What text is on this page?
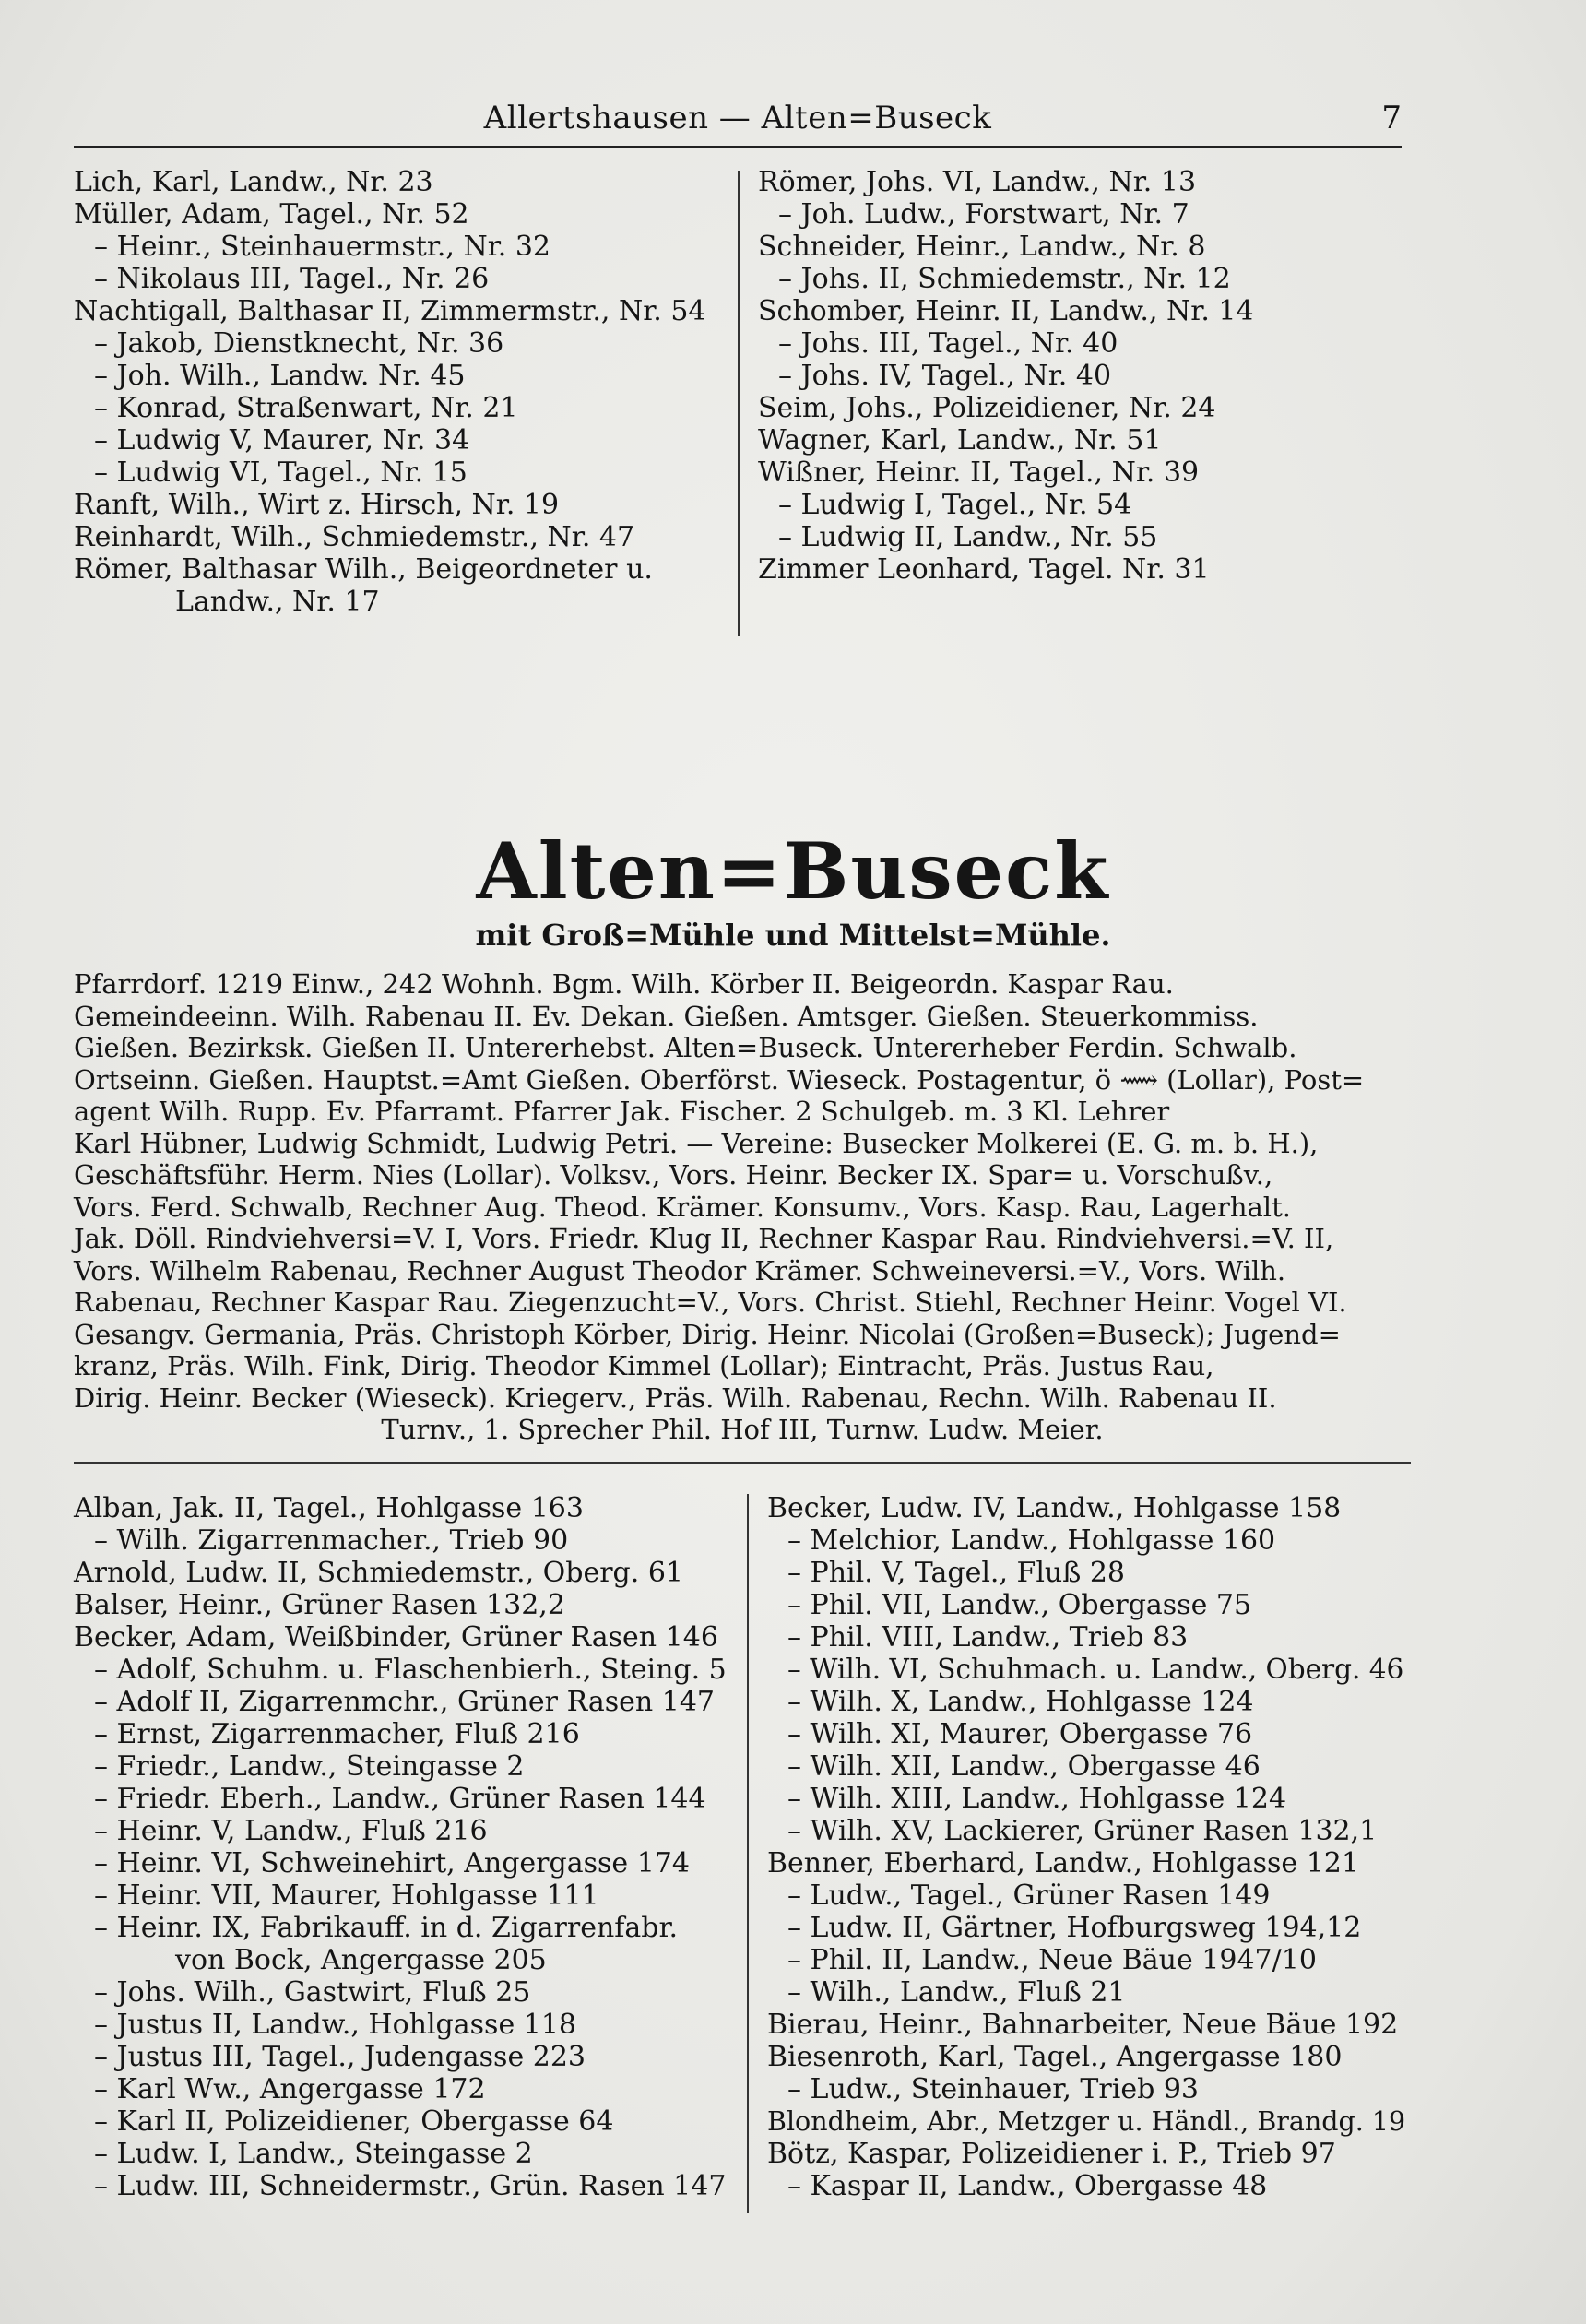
Allertshausen — Alten=Buseck	7
Lich, Karl, Landw., Nr. 23
Müller, Adam, Tagel., Nr. 52
– Heinr., Steinhauermstr., Nr. 32
– Nikolaus III, Tagel., Nr. 26
Nachtigall, Balthasar II, Zimmermstr., Nr. 54
– Jakob, Dienstknecht, Nr. 36
– Joh. Wilh., Landw. Nr. 45
– Konrad, Straßenwart, Nr. 21
– Ludwig V, Maurer, Nr. 34
– Ludwig VI, Tagel., Nr. 15
Ranft, Wilh., Wirt z. Hirsch, Nr. 19
Reinhardt, Wilh., Schmiedemstr., Nr. 47
Römer, Balthasar Wilh., Beigeordneter u.
Landw., Nr. 17
Römer, Johs. VI, Landw., Nr. 13
– Joh. Ludw., Forstwart, Nr. 7
Schneider, Heinr., Landw., Nr. 8
– Johs. II, Schmiedemstr., Nr. 12
Schomber, Heinr. II, Landw., Nr. 14
– Johs. III, Tagel., Nr. 40
– Johs. IV, Tagel., Nr. 40
Seim, Johs., Polizeidiener, Nr. 24
Wagner, Karl, Landw., Nr. 51
Wißner, Heinr. II, Tagel., Nr. 39
– Ludwig I, Tagel., Nr. 54
– Ludwig II, Landw., Nr. 55
Zimmer Leonhard, Tagel. Nr. 31
Alten=Buseck
mit Groß=Mühle und Mittelst=Mühle.
Pfarrdorf. 1219 Einw., 242 Wohnh. Bgm. Wilh. Körber II. Beigeordn. Kaspar Rau.
Gemeindeeinn. Wilh. Rabenau II. Ev. Dekan. Gießen. Amtsger. Gießen. Steuerkommiss.
Gießen. Bezirksk. Gießen II. Untererhebst. Alten=Buseck. Untererheber Ferdin. Schwalb.
Ortseinn. Gießen. Hauptst.=Amt Gießen. Oberförst. Wieseck. Postagentur, ö ⟿ (Lollar), Post=
agent Wilh. Rupp. Ev. Pfarramt. Pfarrer Jak. Fischer. 2 Schulgeb. m. 3 Kl. Lehrer
Karl Hübner, Ludwig Schmidt, Ludwig Petri. — Vereine: Busecker Molkerei (E. G. m. b. H.),
Geschäftsführ. Herm. Nies (Lollar). Volksv., Vors. Heinr. Becker IX. Spar= u. Vorschußv.,
Vors. Ferd. Schwalb, Rechner Aug. Theod. Krämer. Konsumv., Vors. Kasp. Rau, Lagerhalt.
Jak. Döll. Rindviehversi=V. I, Vors. Friedr. Klug II, Rechner Kaspar Rau. Rindviehversi.=V. II,
Vors. Wilhelm Rabenau, Rechner August Theodor Krämer. Schweineversi.=V., Vors. Wilh.
Rabenau, Rechner Kaspar Rau. Ziegenzucht=V., Vors. Christ. Stiehl, Rechner Heinr. Vogel VI.
Gesangv. Germania, Präs. Christoph Körber, Dirig. Heinr. Nicolai (Großen=Buseck); Jugend=
kranz, Präs. Wilh. Fink, Dirig. Theodor Kimmel (Lollar); Eintracht, Präs. Justus Rau,
Dirig. Heinr. Becker (Wieseck). Kriegerv., Präs. Wilh. Rabenau, Rechn. Wilh. Rabenau II.
Turnv., 1. Sprecher Phil. Hof III, Turnw. Ludw. Meier.
Alban, Jak. II, Tagel., Hohlgasse 163
– Wilh. Zigarrenmacher., Trieb 90
Arnold, Ludw. II, Schmiedemstr., Oberg. 61
Balser, Heinr., Grüner Rasen 132,2
Becker, Adam, Weißbinder, Grüner Rasen 146
– Adolf, Schuhm. u. Flaschenbierh., Steing. 5
– Adolf II, Zigarrenmchr., Grüner Rasen 147
– Ernst, Zigarrenmacher, Fluß 216
– Friedr., Landw., Steingasse 2
– Friedr. Eberh., Landw., Grüner Rasen 144
– Heinr. V, Landw., Fluß 216
– Heinr. VI, Schweinehirt, Angergasse 174
– Heinr. VII, Maurer, Hohlgasse 111
– Heinr. IX, Fabrikauff. in d. Zigarrenfabr.
von Bock, Angergasse 205
– Johs. Wilh., Gastwirt, Fluß 25
– Justus II, Landw., Hohlgasse 118
– Justus III, Tagel., Judengasse 223
– Karl Ww., Angergasse 172
– Karl II, Polizeidiener, Obergasse 64
– Ludw. I, Landw., Steingasse 2
– Ludw. III, Schneidermstr., Grün. Rasen 147
Becker, Ludw. IV, Landw., Hohlgasse 158
– Melchior, Landw., Hohlgasse 160
– Phil. V, Tagel., Fluß 28
– Phil. VII, Landw., Obergasse 75
– Phil. VIII, Landw., Trieb 83
– Wilh. VI, Schuhmach. u. Landw., Oberg. 46
– Wilh. X, Landw., Hohlgasse 124
– Wilh. XI, Maurer, Obergasse 76
– Wilh. XII, Landw., Obergasse 46
– Wilh. XIII, Landw., Hohlgasse 124
– Wilh. XV, Lackierer, Grüner Rasen 132,1
Benner, Eberhard, Landw., Hohlgasse 121
– Ludw., Tagel., Grüner Rasen 149
– Ludw. II, Gärtner, Hofburgsweg 194,12
– Phil. II, Landw., Neue Bäue 1947/10
– Wilh., Landw., Fluß 21
Bierau, Heinr., Bahnarbeiter, Neue Bäue 192
Biesenroth, Karl, Tagel., Angergasse 180
– Ludw., Steinhauer, Trieb 93
Blondheim, Abr., Metzger u. Händl., Brandg. 19
Bötz, Kaspar, Polizeidiener i. P., Trieb 97
– Kaspar II, Landw., Obergasse 48
